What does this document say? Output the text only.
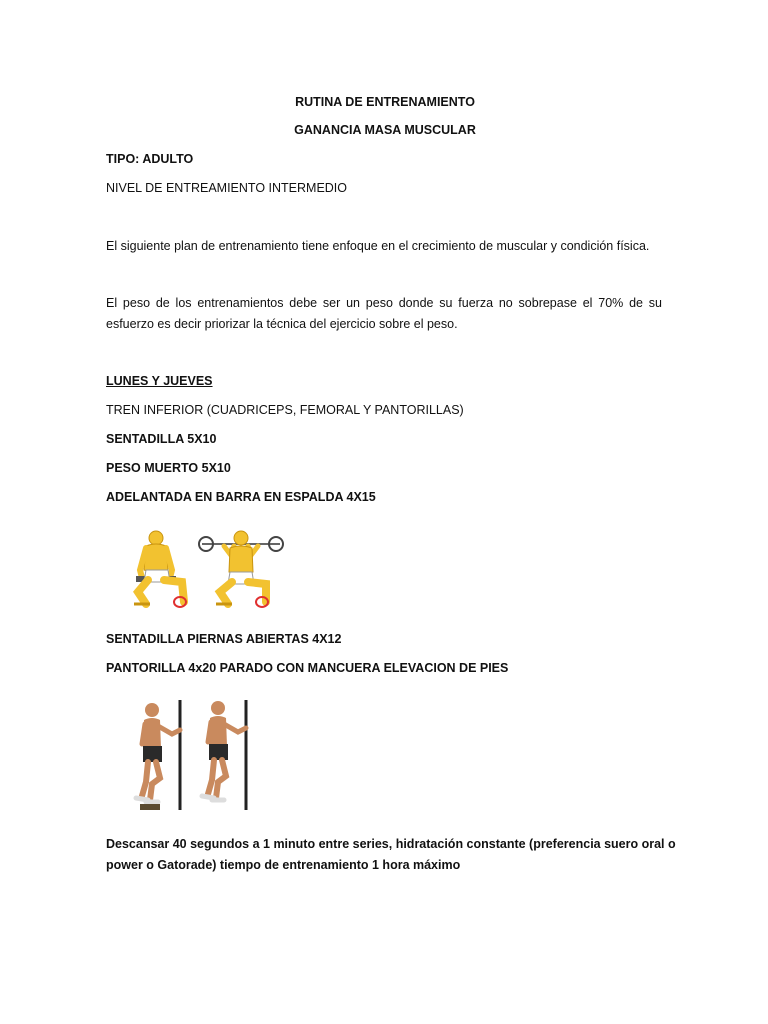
RUTINA DE ENTRENAMIENTO
GANANCIA MASA MUSCULAR
TIPO: ADULTO
NIVEL DE ENTREAMIENTO INTERMEDIO
El siguiente plan de entrenamiento tiene enfoque en el crecimiento de muscular y condición física.
El peso de los entrenamientos debe ser un peso donde su fuerza no sobrepase el 70% de su
esfuerzo es decir priorizar la técnica del ejercicio sobre el peso.
LUNES Y JUEVES
TREN INFERIOR (CUADRICEPS, FEMORAL Y PANTORILLAS)
SENTADILLA 5X10
PESO MUERTO 5X10
ADELANTADA EN BARRA EN ESPALDA 4X15
SENTADILLA PIERNAS ABIERTAS 4X12
PANTORILLA 4x20 PARADO CON MANCUERA ELEVACION DE PIES
Descansar 40 segundos a 1 minuto entre series, hidratación constante (preferencia suero oral o
power o Gatorade) tiempo de entrenamiento 1 hora máximo
